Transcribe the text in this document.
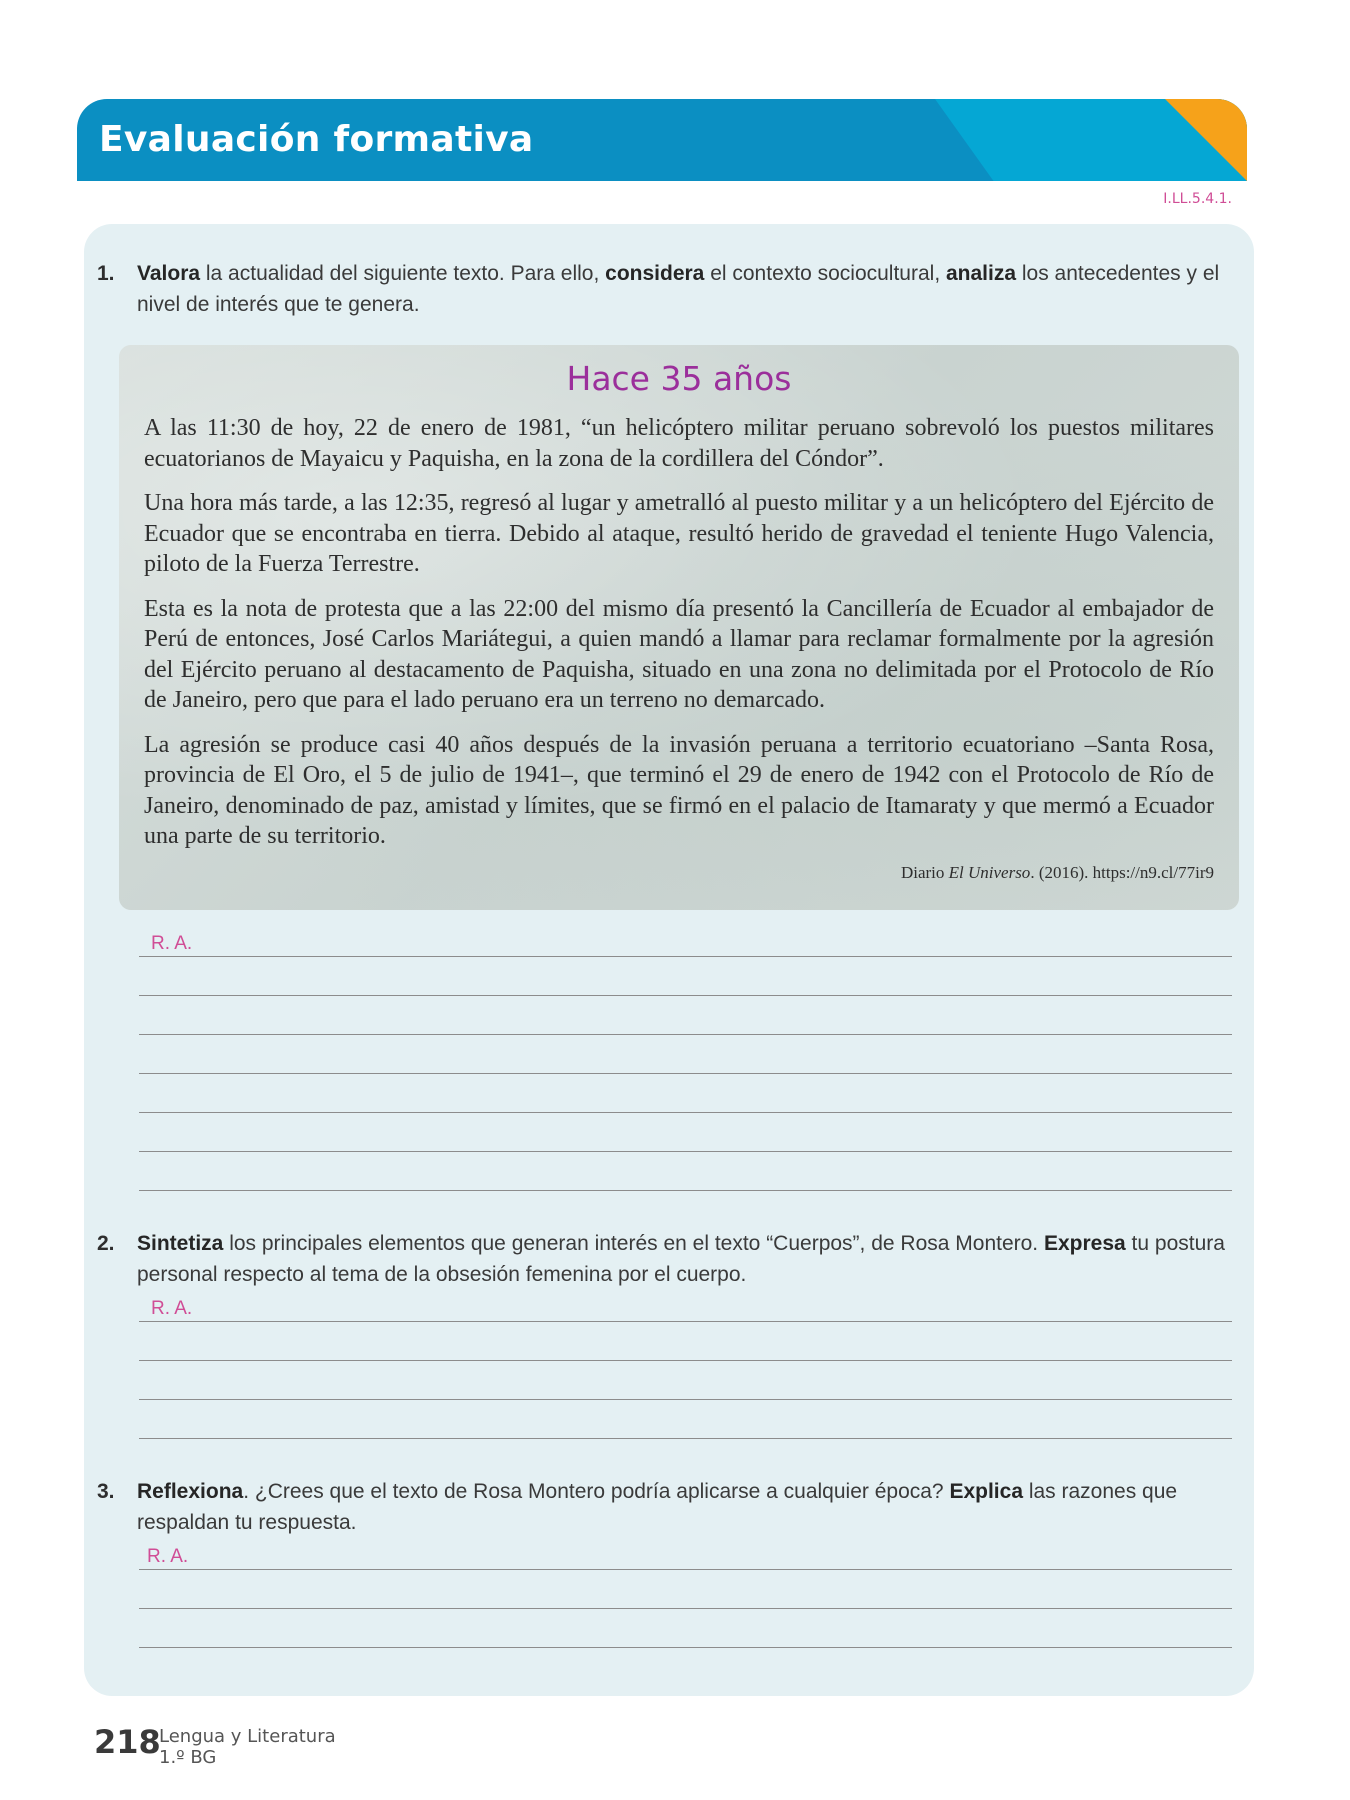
Evaluación formativa
DUA
Acción y expresión
I.LL.5.4.1.
1. Valora la actualidad del siguiente texto. Para ello, considera el contexto sociocultural, analiza los antecedentes y el nivel de interés que te genera.
Hace 35 años

A las 11:30 de hoy, 22 de enero de 1981, “un helicóptero militar peruano sobrevoló los puestos militares ecuatorianos de Mayaicu y Paquisha, en la zona de la cordillera del Cóndor”.

Una hora más tarde, a las 12:35, regresó al lugar y ametralló al puesto militar y a un helicóptero del Ejército de Ecuador que se encontraba en tierra. Debido al ataque, resultó herido de gravedad el teniente Hugo Valencia, piloto de la Fuerza Terrestre.

Esta es la nota de protesta que a las 22:00 del mismo día presentó la Cancillería de Ecuador al embajador de Perú de entonces, José Carlos Mariátegui, a quien mandó a llamar para reclamar formalmente por la agresión del Ejército peruano al destacamento de Paquisha, situado en una zona no delimitada por el Protocolo de Río de Janeiro, pero que para el lado peruano era un terreno no demarcado.

La agresión se produce casi 40 años después de la invasión peruana a territorio ecuatoriano –Santa Rosa, provincia de El Oro, el 5 de julio de 1941–, que terminó el 29 de enero de 1942 con el Protocolo de Río de Janeiro, denominado de paz, amistad y límites, que se firmó en el palacio de Itamaraty y que mermó a Ecuador una parte de su territorio.

Diario El Universo. (2016). https://n9.cl/77ir9
R. A.
2. Sintetiza los principales elementos que generan interés en el texto “Cuerpos”, de Rosa Montero. Expresa tu postura personal respecto al tema de la obsesión femenina por el cuerpo.
R. A.
3. Reflexiona. ¿Crees que el texto de Rosa Montero podría aplicarse a cualquier época? Explica las razones que respaldan tu respuesta.
R. A.
218
Lengua y Literatura
1.º BG
